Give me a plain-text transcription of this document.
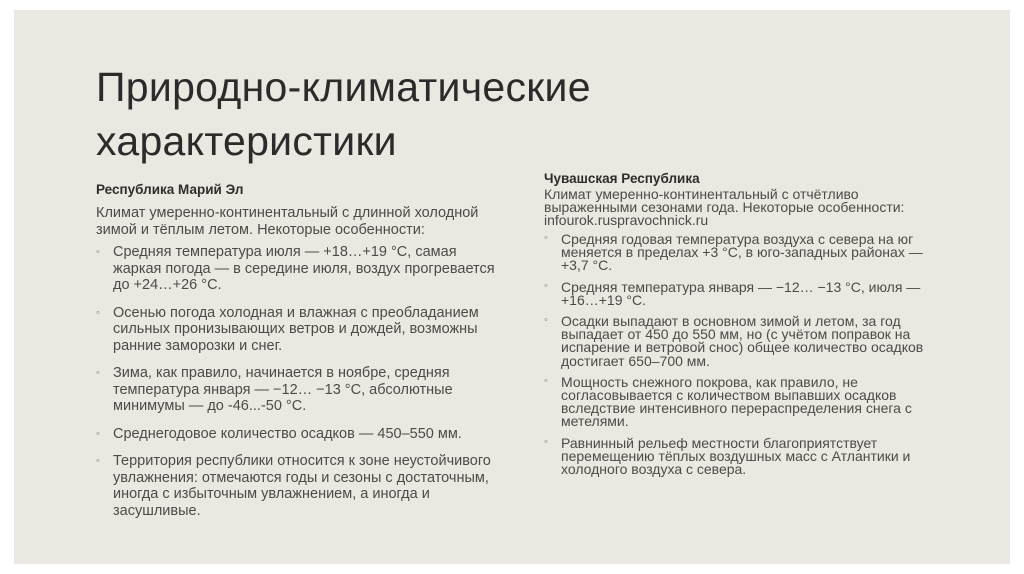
Природно-климатические характеристики
Республика Марий Эл

Климат умеренно-континентальный с длинной холодной зимой и тёплым летом. Некоторые особенности:

◦ Средняя температура июля — +18…+19 °С, самая жаркая погода — в середине июля, воздух прогревается до +24…+26 °С.
◦ Осенью погода холодная и влажная с преобладанием сильных пронизывающих ветров и дождей, возможны ранние заморозки и снег.
◦ Зима, как правило, начинается в ноябре, средняя температура января — −12… −13 °С, абсолютные минимумы — до -46...-50 °С.
◦ Среднегодовое количество осадков — 450–550 мм.
◦ Территория республики относится к зоне неустойчивого увлажнения: отмечаются годы и сезоны с достаточным, иногда с избыточным увлажнением, а иногда и засушливые.
Чувашская Республика

Климат умеренно-континентальный с отчётливо выраженными сезонами года. Некоторые особенности: infourok.ruspravochnick.ru

◦ Средняя годовая температура воздуха с севера на юг меняется в пределах +3 °С, в юго-западных районах — +3,7 °С.
◦ Средняя температура января — −12… −13 °С, июля — +16…+19 °С.
◦ Осадки выпадают в основном зимой и летом, за год выпадает от 450 до 550 мм, но (с учётом поправок на испарение и ветровой снос) общее количество осадков достигает 650–700 мм.
◦ Мощность снежного покрова, как правило, не согласовывается с количеством выпавших осадков вследствие интенсивного перераспределения снега с метелями.
◦ Равнинный рельеф местности благоприятствует перемещению тёплых воздушных масс с Атлантики и холодного воздуха с севера.
